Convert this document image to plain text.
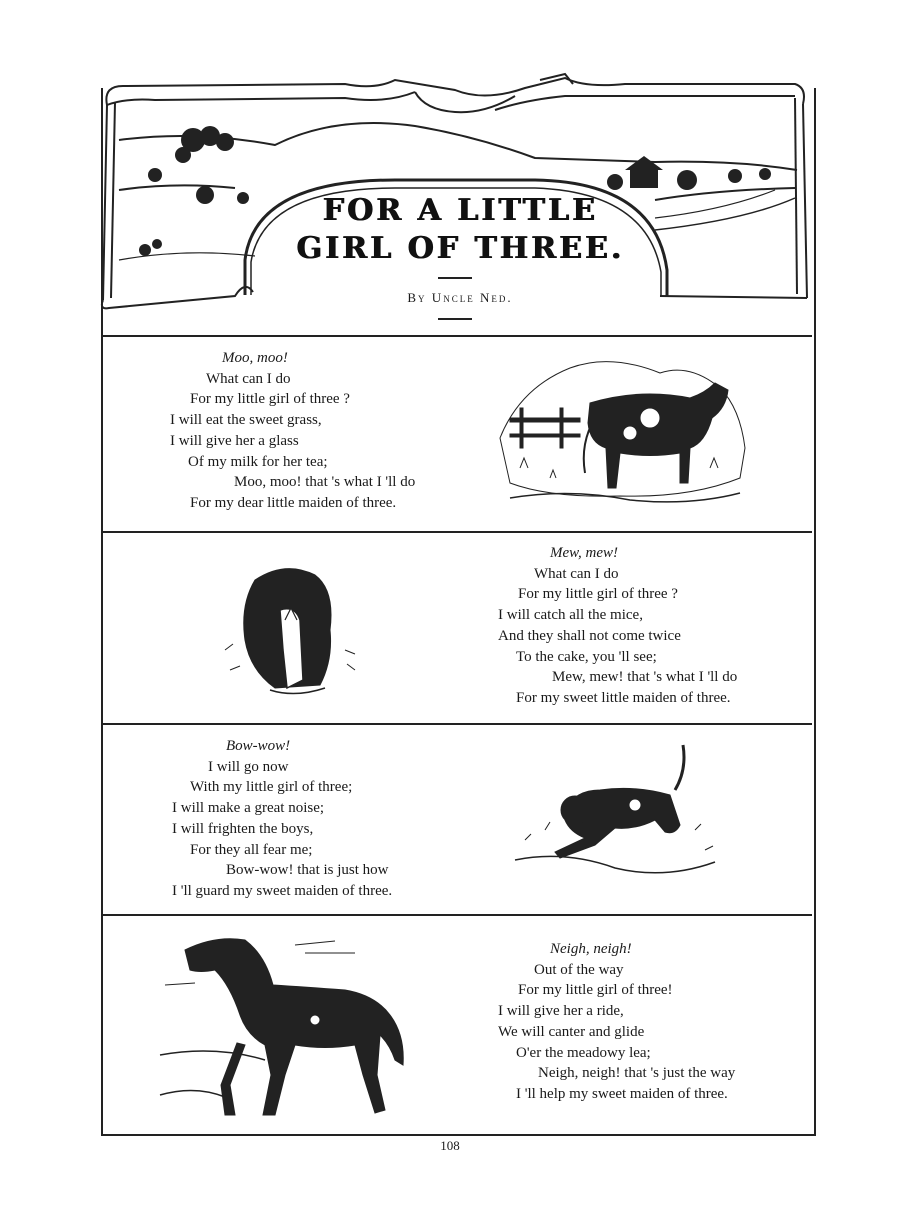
FOR A LITTLE
GIRL OF THREE.
By Uncle Ned.
Moo, moo!
What can I do
For my little girl of three ?
I will eat the sweet grass,
I will give her a glass
Of my milk for her tea;
Moo, moo! that 's what I 'll do
For my dear little maiden of three.
Mew, mew!
What can I do
For my little girl of three ?
I will catch all the mice,
And they shall not come twice
To the cake, you 'll see;
Mew, mew! that 's what I 'll do
For my sweet little maiden of three.
Bow-wow!
I will go now
With my little girl of three;
I will make a great noise;
I will frighten the boys,
For they all fear me;
Bow-wow! that is just how
I 'll guard my sweet maiden of three.
Neigh, neigh!
Out of the way
For my little girl of three!
I will give her a ride,
We will canter and glide
O'er the meadowy lea;
Neigh, neigh! that 's just the way
I 'll help my sweet maiden of three.
108
